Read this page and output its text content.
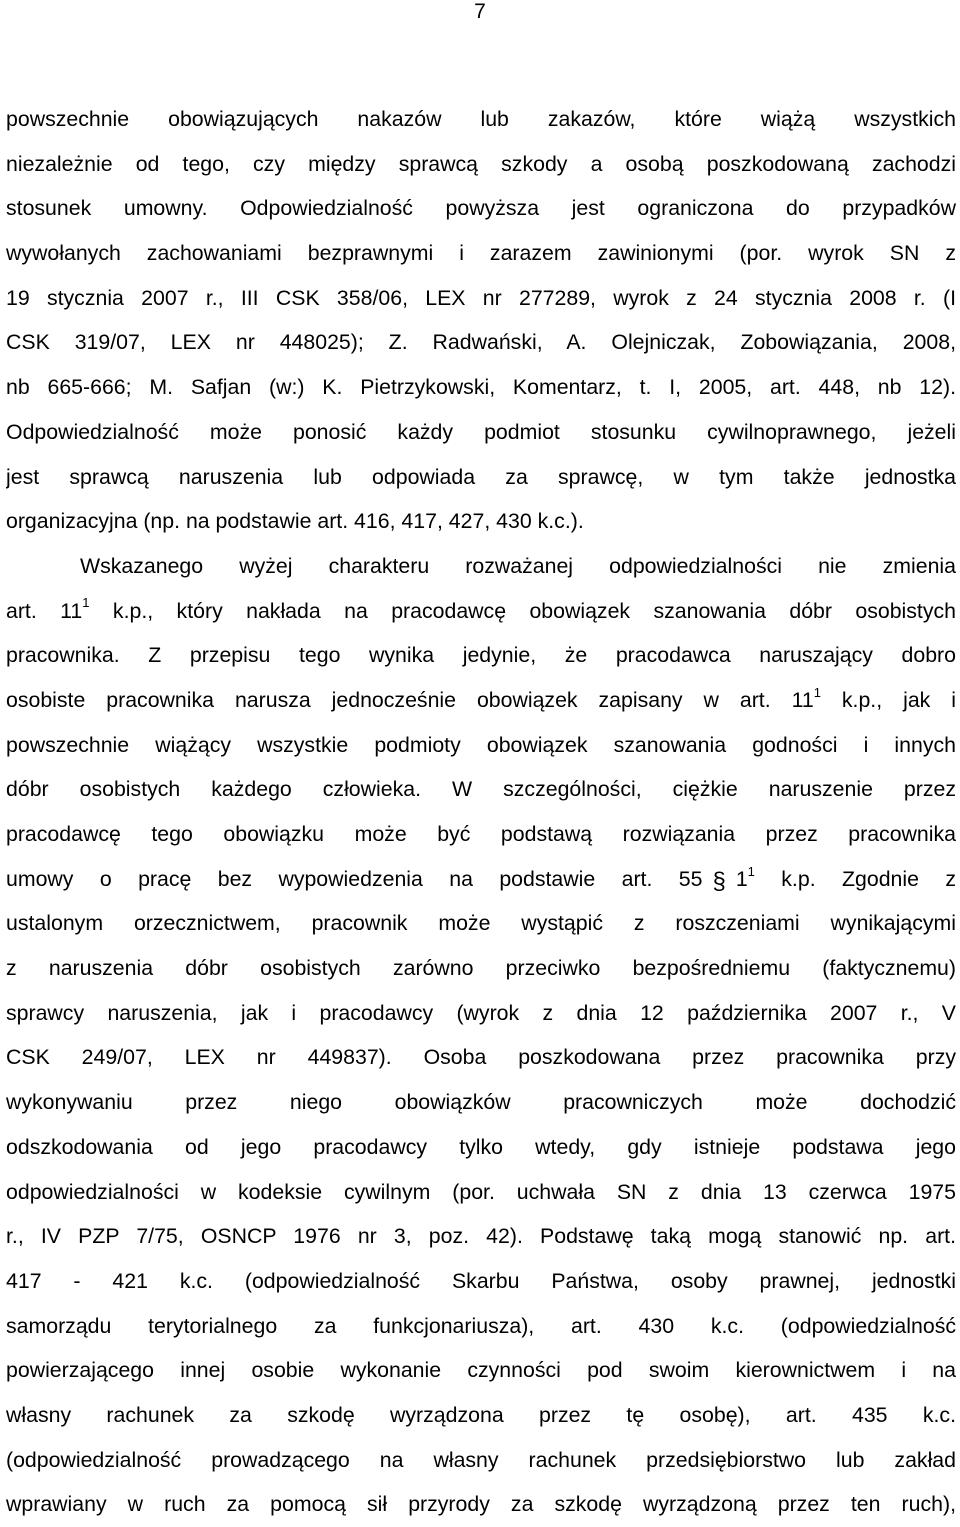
7
powszechnie obowiązujących nakazów lub zakazów, które wiążą wszystkich
niezależnie od tego, czy między sprawcą szkody a osobą poszkodowaną zachodzi
stosunek umowny. Odpowiedzialność powyższa jest ograniczona do przypadków
wywołanych zachowaniami bezprawnymi i zarazem zawinionymi (por. wyrok SN z
19 stycznia 2007 r., III CSK 358/06, LEX nr 277289, wyrok z 24 stycznia 2008 r. (I
CSK 319/07, LEX nr 448025); Z. Radwański, A. Olejniczak, Zobowiązania, 2008,
nb 665-666; M. Safjan (w:) K. Pietrzykowski, Komentarz, t. I, 2005, art. 448, nb 12).
Odpowiedzialność może ponosić każdy podmiot stosunku cywilnoprawnego, jeżeli
jest sprawcą naruszenia lub odpowiada za sprawcę, w tym także jednostka
organizacyjna (np. na podstawie art. 416, 417, 427, 430 k.c.).
Wskazanego wyżej charakteru rozważanej odpowiedzialności nie zmienia
art. $11^1$ k.p., który nakłada na pracodawcę obowiązek szanowania dóbr osobistych
pracownika. Z przepisu tego wynika jedynie, że pracodawca naruszający dobro
osobiste pracownika narusza jednocześnie obowiązek zapisany w art. $11^1$ k.p., jak i
powszechnie wiążący wszystkie podmioty obowiązek szanowania godności i innych
dóbr osobistych każdego człowieka. W szczególności, ciężkie naruszenie przez
pracodawcę tego obowiązku może być podstawą rozwiązania przez pracownika
umowy o pracę bez wypowiedzenia na podstawie art. 55 § $1^1$ k.p. Zgodnie z
ustalonym orzecznictwem, pracownik może wystąpić z roszczeniami wynikającymi
z naruszenia dóbr osobistych zarówno przeciwko bezpośredniemu (faktycznemu)
sprawcy naruszenia, jak i pracodawcy (wyrok z dnia 12 października 2007 r., V
CSK 249/07, LEX nr 449837). Osoba poszkodowana przez pracownika przy
wykonywaniu przez niego obowiązków pracowniczych może dochodzić
odszkodowania od jego pracodawcy tylko wtedy, gdy istnieje podstawa jego
odpowiedzialności w kodeksie cywilnym (por. uchwała SN z dnia 13 czerwca 1975
r., IV PZP 7/75, OSNCP 1976 nr 3, poz. 42). Podstawę taką mogą stanowić np. art.
417 - 421 k.c. (odpowiedzialność Skarbu Państwa, osoby prawnej, jednostki
samorządu terytorialnego za funkcjonariusza), art. 430 k.c. (odpowiedzialność
powierzającego innej osobie wykonanie czynności pod swoim kierownictwem i na
własny rachunek za szkodę wyrządzona przez tę osobę), art. 435 k.c.
(odpowiedzialność prowadzącego na własny rachunek przedsiębiorstwo lub zakład
wprawiany w ruch za pomocą sił przyrody za szkodę wyrządzoną przez ten ruch),
